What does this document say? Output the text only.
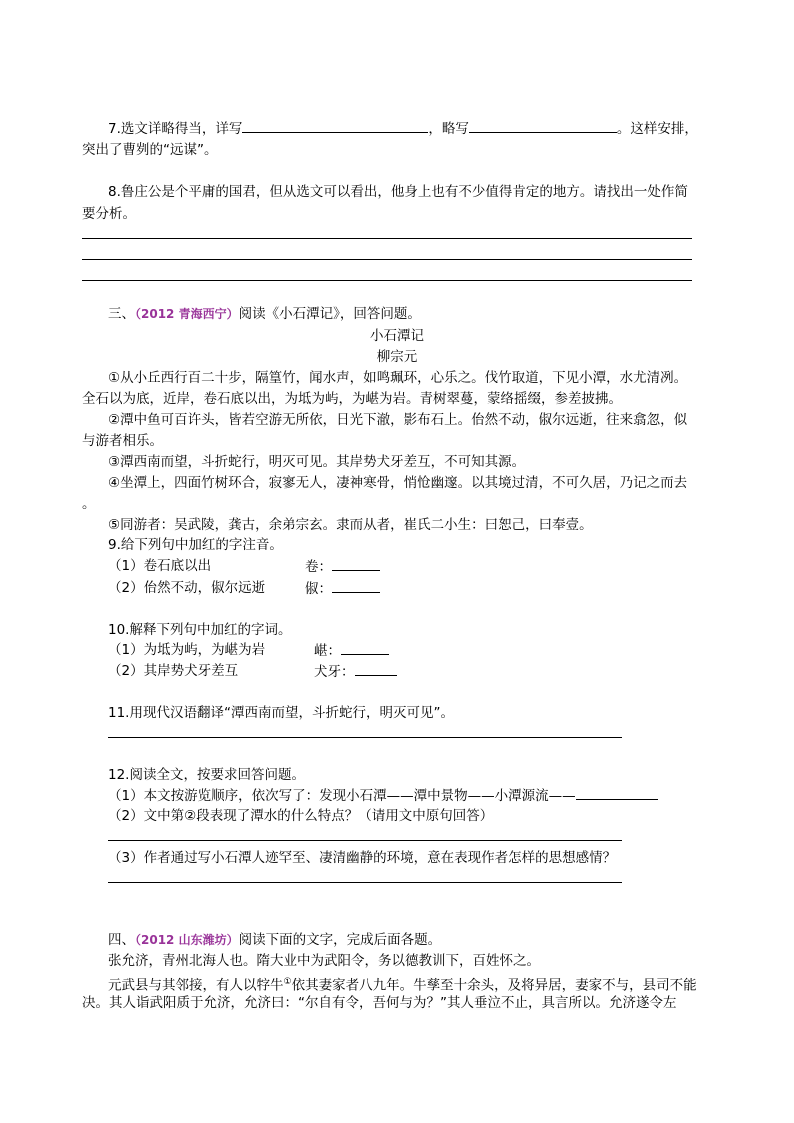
7.选文详略得当，详写	，略写	。这样安排，
突出了曹刿的“远谋”。
8.鲁庄公是个平庸的国君，但从选文可以看出，他身上也有不少值得肯定的地方。请找出一处作简
要分析。
三、（2012 青海西宁）阅读《小石潭记》，回答问题。
小石潭记
柳宗元
①从小丘西行百二十步，隔篁竹，闻水声，如鸣珮环，心乐之。伐竹取道，下见小潭，水尤清冽。
全石以为底，近岸，卷石底以出，为坻为屿，为嵁为岩。青树翠蔓，蒙络摇缀，参差披拂。
②潭中鱼可百许头，皆若空游无所依，日光下澈，影布石上。佁然不动，俶尔远逝，往来翕忽，似
与游者相乐。
③潭西南而望，斗折蛇行，明灭可见。其岸势犬牙差互，不可知其源。
④坐潭上，四面竹树环合，寂寥无人，凄神寒骨，悄怆幽邃。以其境过清，不可久居，乃记之而去
。
⑤同游者：吴武陵，龚古，余弟宗玄。隶而从者，崔氏二小生：曰恕己，曰奉壹。
9.给下列句中加红的字注音。
（1）卷石底以出	卷：
（2）佁然不动，俶尔远逝	俶：
10.解释下列句中加红的字词。
（1）为坻为屿，为嵁为岩	嵁：
（2）其岸势犬牙差互	犬牙：
11.用现代汉语翻译“潭西南而望，斗折蛇行，明灭可见”。
12.阅读全文，按要求回答问题。
（1）本文按游览顺序，依次写了：发现小石潭——潭中景物——小潭源流——
（2）文中第②段表现了潭水的什么特点？（请用文中原句回答）
（3）作者通过写小石潭人迹罕至、凄清幽静的环境，意在表现作者怎样的思想感情？
四、（2012 山东潍坊）阅读下面的文字，完成后面各题。
张允济，青州北海人也。隋大业中为武阳令，务以德教训下，百姓怀之。
元武县与其邻接，有人以牸牛①依其妻家者八九年。牛孳至十余头，及将异居，妻家不与，县司不能
决。其人诣武阳质于允济，允济曰：“尔自有令，吾何与为？”其人垂泣不止，具言所以。允济遂令左
